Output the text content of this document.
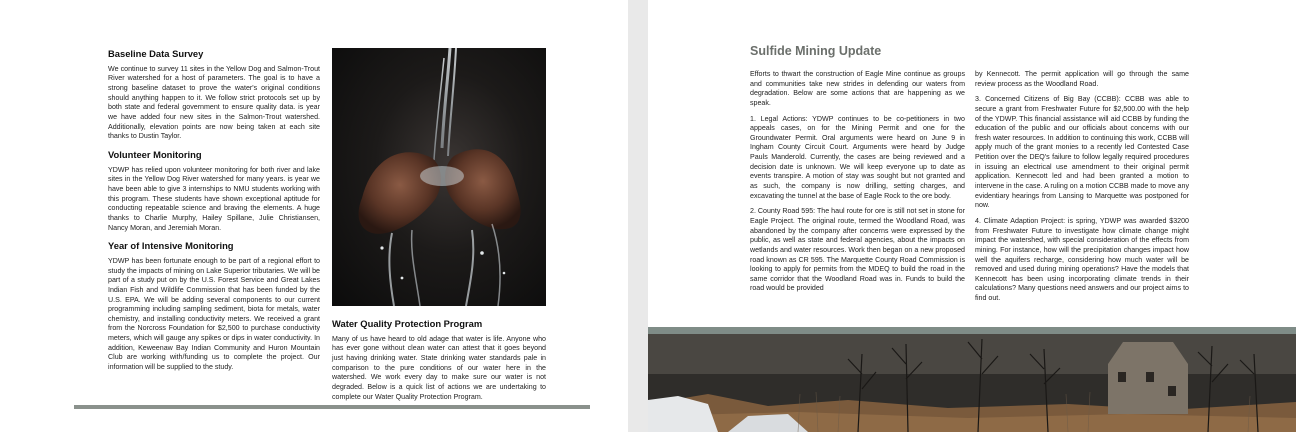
Baseline Data Survey

We continue to survey 11 sites in the Yellow Dog and Salmon-Trout River watershed for a host of parameters. The goal is to have a strong baseline dataset to prove the water's original conditions should anything happen to it. We follow strict protocols set up by both state and federal government to ensure quality data. is year we have added four new sites in the Salmon-Trout watershed. Additionally, elevation points are now being taken at each site thanks to Dustin Taylor.

Volunteer Monitoring

YDWP has relied upon volunteer monitoring for both river and lake sites in the Yellow Dog River watershed for many years. is year we have been able to give 3 internships to NMU students working with this program. These students have shown exceptional aptitude for conducting repeatable science and braving the elements. A huge thanks to Charlie Murphy, Hailey Spillane, Julie Christiansen, Nancy Moran, and Jeremiah Moran.

Year of Intensive Monitoring

YDWP has been fortunate enough to be part of a regional effort to study the impacts of mining on Lake Superior tributaries. We will be part of a study put on by the U.S. Forest Service and Great Lakes Indian Fish and Wildlife Commission that has been funded by the U.S. EPA. We will be adding several components to our current programming including sampling sediment, biota for metals, water chemistry, and installing conductivity meters. We received a grant from the Norcross Foundation for $2,500 to purchase conductivity meters, which will gauge any spikes or dips in water conductivity. In addition, Keweenaw Bay Indian Community and Huron Mountain Club are working with/funding us to complete the project. Our information will be supplied to the study.

Water Quality Protection Program

Many of us have heard to old adage that water is life. Anyone who has ever gone without clean water can attest that it goes beyond just having drinking water. State drinking water standards pale in comparison to the pure conditions of our water here in the watershed. We work every day to make sure our water is not degraded. Below is a quick list of actions we are undertaking to complete our Water Quality Protection Program.

Sulfide Mining Update

Efforts to thwart the construction of Eagle Mine continue as groups and communities take new strides in defending our waters from degradation. Below are some actions that are happening as we speak.

1. Legal Actions: YDWP continues to be co-petitioners in two appeals cases, on for the Mining Permit and one for the Groundwater Permit. Oral arguments were heard on June 9 in Ingham County Circuit Court. Arguments were heard by Judge Pauls Manderold. Currently, the cases are being reviewed and a decision date is unknown. We will keep everyone up to date as events transpire. A motion of stay was sought but not granted and as such, the company is now drilling, setting charges, and excavating the tunnel at the base of Eagle Rock to the ore body.

2. County Road 595: The haul route for ore is still not set in stone for Eagle Project. The original route, termed the Woodland Road, was abandoned by the company after concerns were expressed by the public, as well as state and federal agencies, about the impacts on wetlands and water resources. Work then began on a new proposed road known as CR 595. The Marquette County Road Commission is looking to apply for permits from the MDEQ to build the road in the same corridor that the Woodland Road was in. Funds to build the road would be provided

by Kennecott. The permit application will go through the same review process as the Woodland Road.

3. Concerned Citizens of Big Bay (CCBB): CCBB was able to secure a grant from Freshwater Future for $2,500.00 with the help of the YDWP. This financial assistance will aid CCBB by funding the education of the public and our officials about concerns with our fresh water resources. In addition to continuing this work, CCBB will apply much of the grant monies to a recently led Contested Case Petition over the DEQ's failure to follow legally required procedures in issuing an electrical use amendment to their original permit application. Kennecott led and had been granted a motion to intervene in the case. A ruling on a motion CCBB made to move any evidentiary hearings from Lansing to Marquette was postponed for now.

4. Climate Adaption Project: is spring, YDWP was awarded $3200 from Freshwater Future to investigate how climate change might impact the watershed, with special consideration of the effects from mining. For instance, how will the precipitation changes impact how well the aquifers recharge, considering how much water will be removed and used during mining operations? Have the models that Kennecott has been using incorporating climate trends in their calculations? Many questions need answers and our project aims to find out.
